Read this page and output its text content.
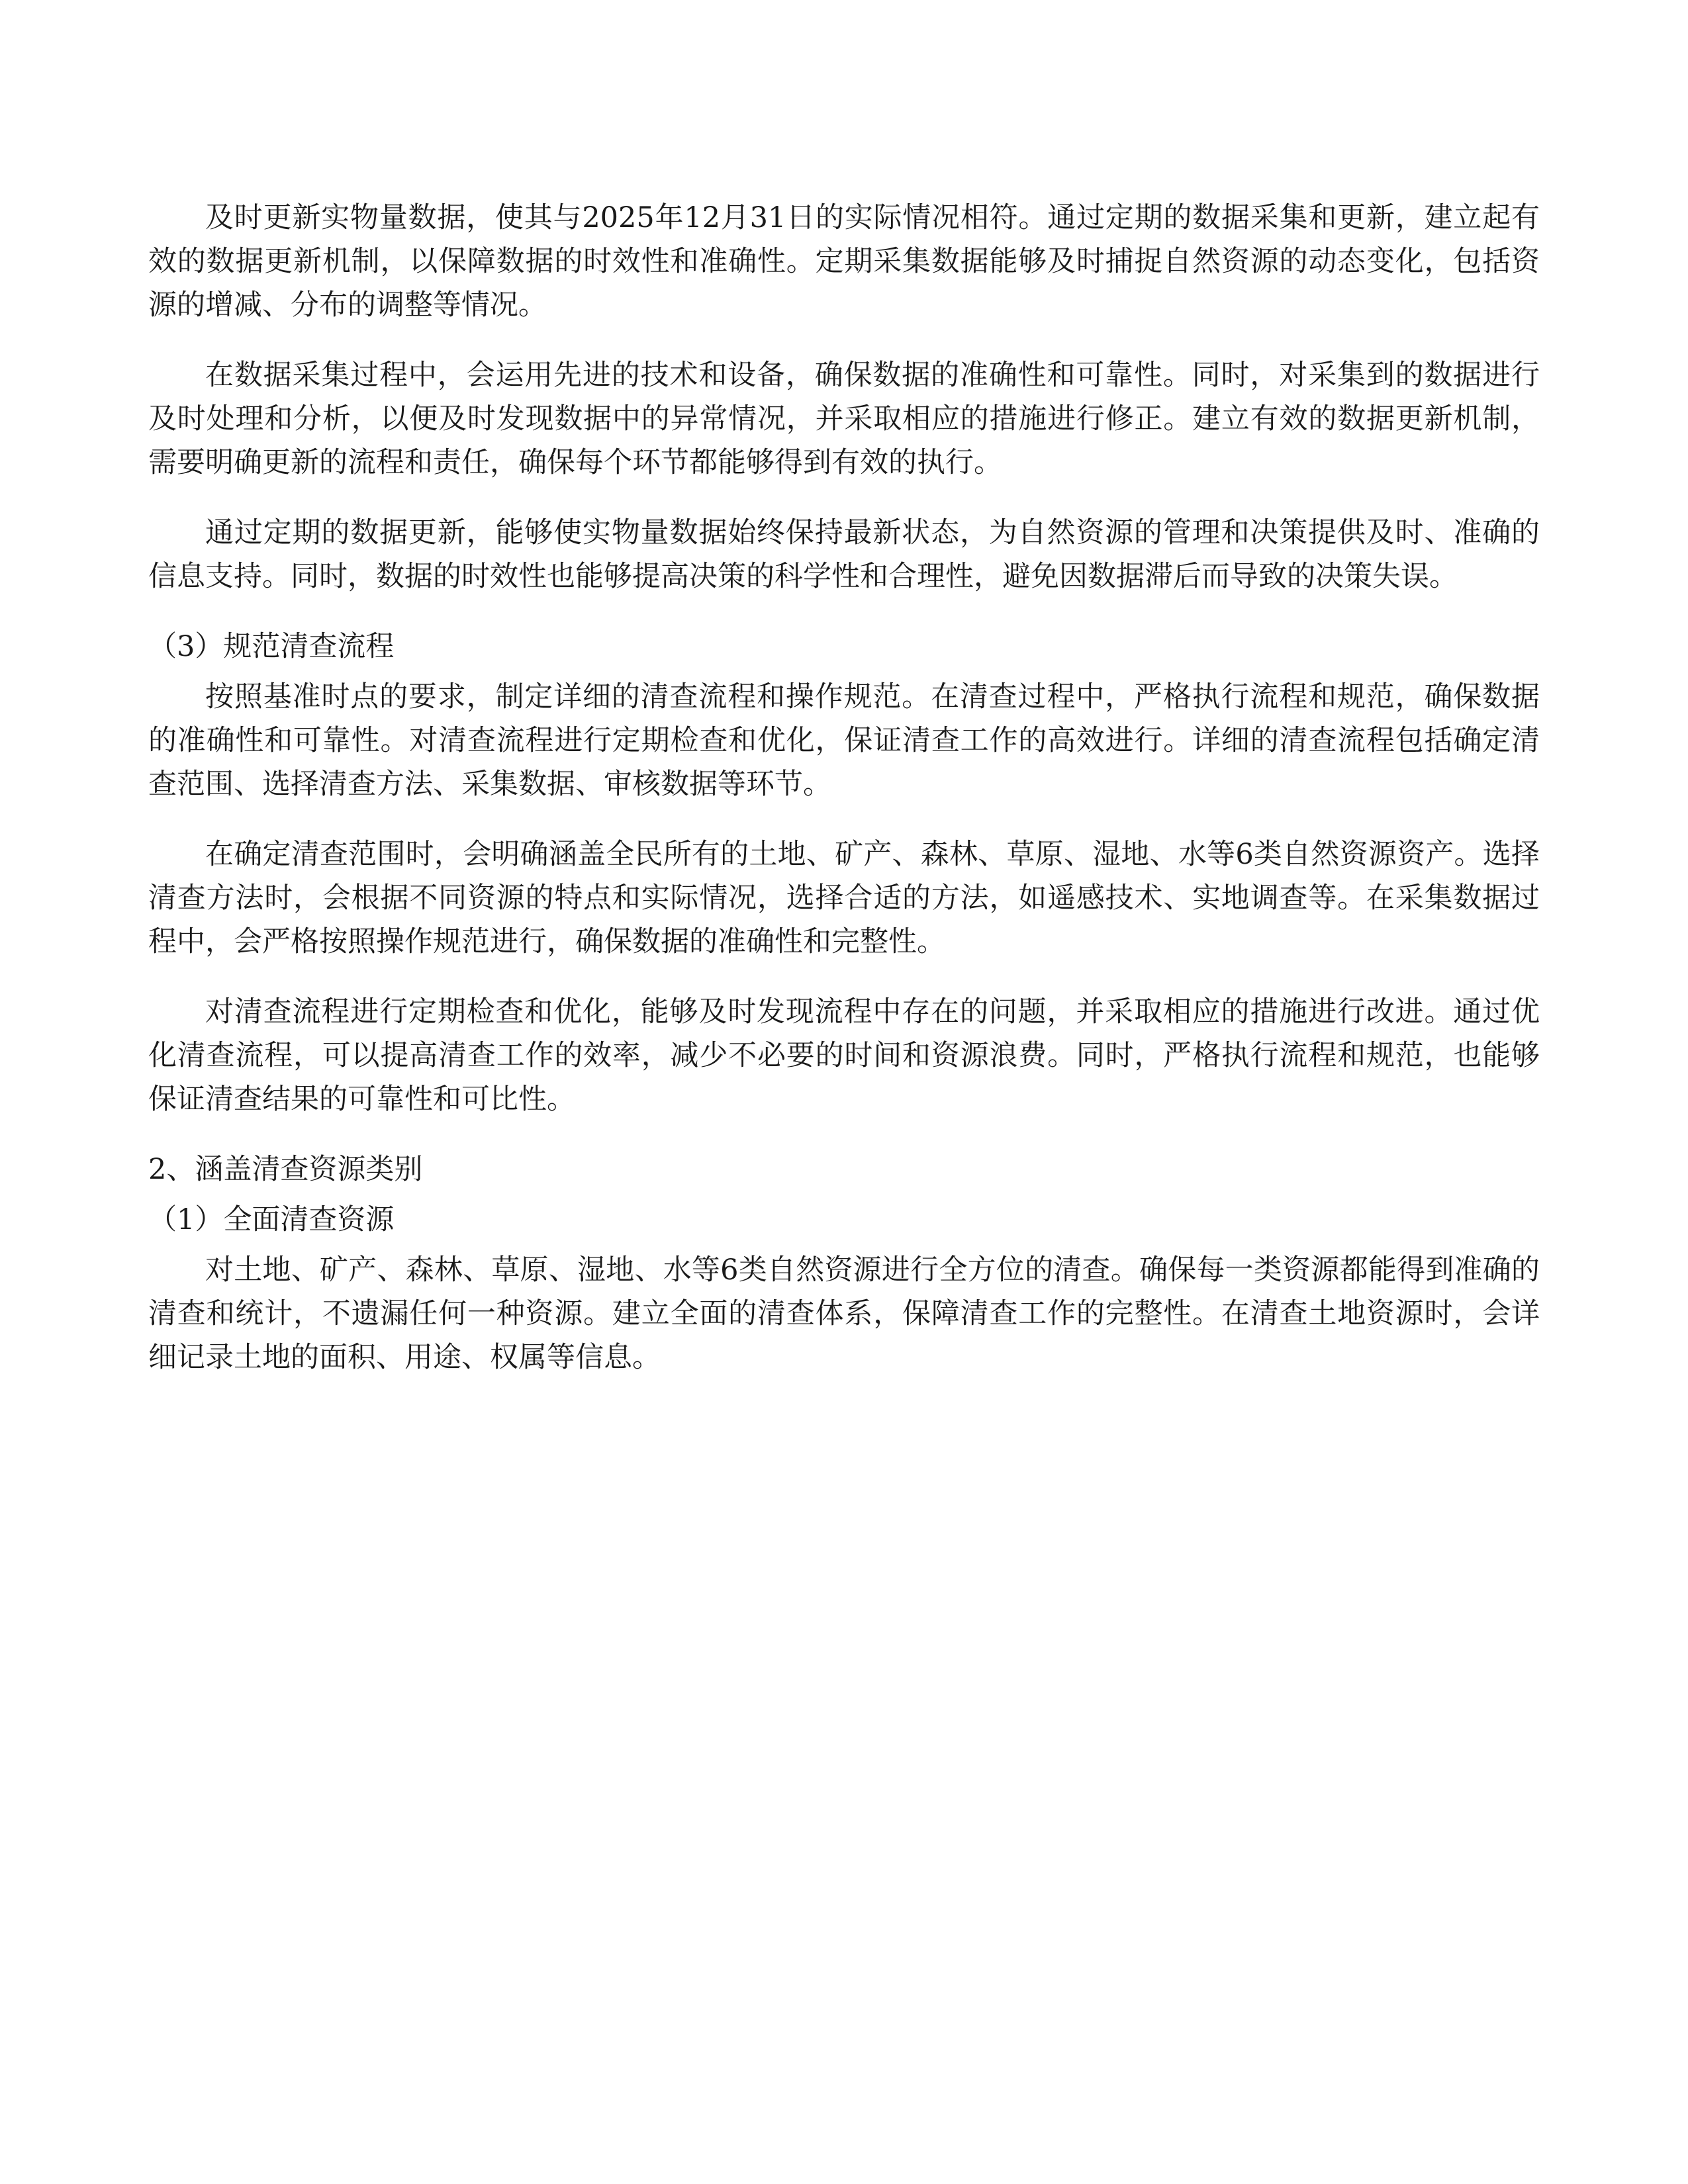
及时更新实物量数据，使其与2025年12月31日的实际情况相符。通过定期的数据采集和更新，建立起有效的数据更新机制，以保障数据的时效性和准确性。定期采集数据能够及时捕捉自然资源的动态变化，包括资源的增减、分布的调整等情况。

在数据采集过程中，会运用先进的技术和设备，确保数据的准确性和可靠性。同时，对采集到的数据进行及时处理和分析，以便及时发现数据中的异常情况，并采取相应的措施进行修正。建立有效的数据更新机制，需要明确更新的流程和责任，确保每个环节都能够得到有效的执行。

通过定期的数据更新，能够使实物量数据始终保持最新状态，为自然资源的管理和决策提供及时、准确的信息支持。同时，数据的时效性也能够提高决策的科学性和合理性，避免因数据滞后而导致的决策失误。

（3）规范清查流程

按照基准时点的要求，制定详细的清查流程和操作规范。在清查过程中，严格执行流程和规范，确保数据的准确性和可靠性。对清查流程进行定期检查和优化，保证清查工作的高效进行。详细的清查流程包括确定清查范围、选择清查方法、采集数据、审核数据等环节。

在确定清查范围时，会明确涵盖全民所有的土地、矿产、森林、草原、湿地、水等6类自然资源资产。选择清查方法时，会根据不同资源的特点和实际情况，选择合适的方法，如遥感技术、实地调查等。在采集数据过程中，会严格按照操作规范进行，确保数据的准确性和完整性。

对清查流程进行定期检查和优化，能够及时发现流程中存在的问题，并采取相应的措施进行改进。通过优化清查流程，可以提高清查工作的效率，减少不必要的时间和资源浪费。同时，严格执行流程和规范，也能够保证清查结果的可靠性和可比性。

2、涵盖清查资源类别

（1）全面清查资源

对土地、矿产、森林、草原、湿地、水等6类自然资源进行全方位的清查。确保每一类资源都能得到准确的清查和统计，不遗漏任何一种资源。建立全面的清查体系，保障清查工作的完整性。在清查土地资源时，会详细记录土地的面积、用途、权属等信息。
